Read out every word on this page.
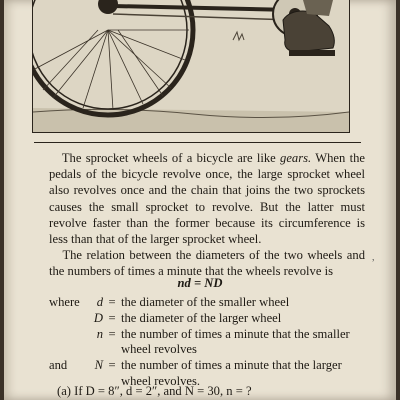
The sprocket wheels of a bicycle are like gears. When the pedals of the bicycle revolve once, the large sprocket wheel also revolves once and the chain that joins the two sprockets causes the small sprocket to revolve. But the latter must revolve faster than the former because its circumference is less than that of the larger sprocket wheel.
The relation between the diameters of the two wheels and the numbers of times a minute that the wheels revolve is
,
nd = ND
where	d = the diameter of the smaller wheel
D = the diameter of the larger wheel
n = the number of times a minute that the smaller
wheel revolves
and	N = the number of times a minute that the larger
wheel revolves.
(a) If D = 8″, d = 2″, and N = 30, n = ?
